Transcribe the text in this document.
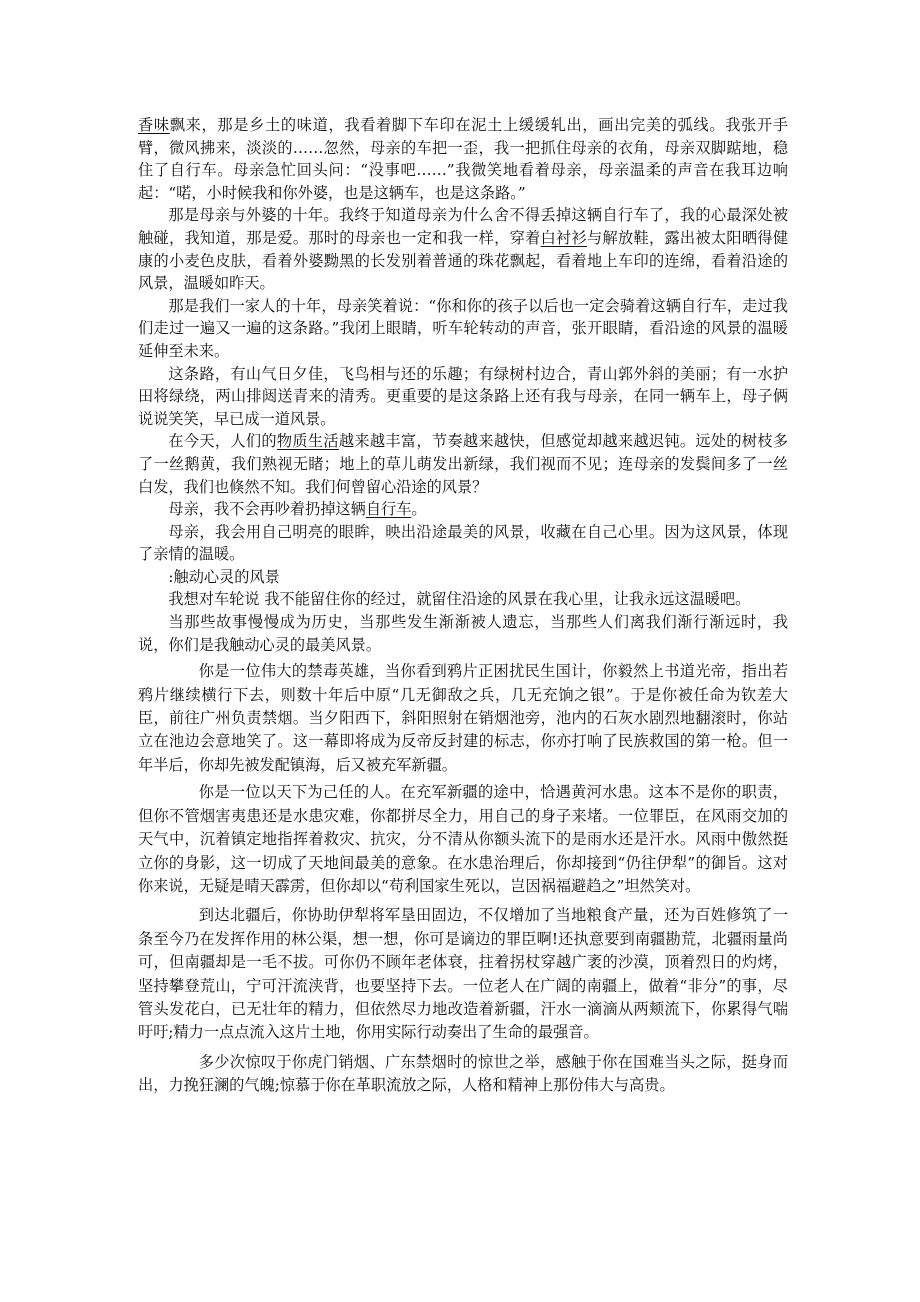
香味飘来，那是乡土的味道，我看着脚下车印在泥土上缓缓轧出，画出完美的弧线。我张开手臂，微风拂来，淡淡的……忽然，母亲的车把一歪，我一把抓住母亲的衣角，母亲双脚踮地，稳住了自行车。母亲急忙回头问：“没事吧……”我微笑地看着母亲，母亲温柔的声音在我耳边响起：“喏，小时候我和你外婆，也是这辆车，也是这条路。”

那是母亲与外婆的十年。我终于知道母亲为什么舍不得丢掉这辆自行车了，我的心最深处被触碰，我知道，那是爱。那时的母亲也一定和我一样，穿着白衬衫与解放鞋，露出被太阳晒得健康的小麦色皮肤，看着外婆黝黑的长发别着普通的珠花飘起，看着地上车印的连绵，看着沿途的风景，温暖如昨天。

那是我们一家人的十年，母亲笑着说：“你和你的孩子以后也一定会骑着这辆自行车，走过我们走过一遍又一遍的这条路。”我闭上眼睛，听车轮转动的声音，张开眼睛，看沿途的风景的温暖延伸至未来。

这条路，有山气日夕佳，飞鸟相与还的乐趣；有绿树村边合，青山郭外斜的美丽；有一水护田将绿绕，两山排闼送青来的清秀。更重要的是这条路上还有我与母亲，在同一辆车上，母子俩说说笑笑，早已成一道风景。

在今天，人们的物质生活越来越丰富，节奏越来越快，但感觉却越来越迟钝。远处的树枝多了一丝鹅黄，我们熟视无睹；地上的草儿萌发出新绿，我们视而不见；连母亲的发鬓间多了一丝白发，我们也倏然不知。我们何曾留心沿途的风景？

母亲，我不会再吵着扔掉这辆自行车。

母亲，我会用自己明亮的眼眸，映出沿途最美的风景，收藏在自己心里。因为这风景，体现了亲情的温暖。

:触动心灵的风景

我想对车轮说 我不能留住你的经过，就留住沿途的风景在我心里，让我永远这温暖吧。

当那些故事慢慢成为历史，当那些发生渐渐被人遗忘，当那些人们离我们渐行渐远时，我说，你们是我触动心灵的最美风景。

你是一位伟大的禁毒英雄，当你看到鸦片正困扰民生国计，你毅然上书道光帝，指出若鸦片继续横行下去，则数十年后中原“几无御敌之兵，几无充饷之银”。于是你被任命为钦差大臣，前往广州负责禁烟。当夕阳西下，斜阳照射在销烟池旁，池内的石灰水剧烈地翻滚时，你站立在池边会意地笑了。这一幕即将成为反帝反封建的标志，你亦打响了民族救国的第一枪。但一年半后，你却先被发配镇海，后又被充军新疆。

你是一位以天下为己任的人。在充军新疆的途中，恰遇黄河水患。这本不是你的职责，但你不管烟害夷患还是水患灾难，你都拼尽全力，用自己的身子来堵。一位罪臣，在风雨交加的天气中，沉着镇定地指挥着救灾、抗灾，分不清从你额头流下的是雨水还是汗水。风雨中傲然挺立你的身影，这一切成了天地间最美的意象。在水患治理后，你却接到“仍往伊犁”的御旨。这对你来说，无疑是晴天霹雳，但你却以“苟利国家生死以，岂因祸福避趋之”坦然笑对。

到达北疆后，你协助伊犁将军垦田固边，不仅增加了当地粮食产量，还为百姓修筑了一条至今乃在发挥作用的林公渠，想一想，你可是谪边的罪臣啊!还执意要到南疆勘荒，北疆雨量尚可，但南疆却是一毛不拔。可你仍不顾年老体衰，拄着拐杖穿越广袤的沙漠，顶着烈日的灼烤，坚持攀登荒山，宁可汗流浃背，也要坚持下去。一位老人在广阔的南疆上，做着“非分”的事，尽管头发花白，已无壮年的精力，但依然尽力地改造着新疆，汗水一滴滴从两颊流下，你累得气喘吁吁;精力一点点流入这片土地，你用实际行动奏出了生命的最强音。

多少次惊叹于你虎门销烟、广东禁烟时的惊世之举，感触于你在国难当头之际，挺身而出，力挽狂澜的气魄;惊慕于你在革职流放之际，人格和精神上那份伟大与高贵。
